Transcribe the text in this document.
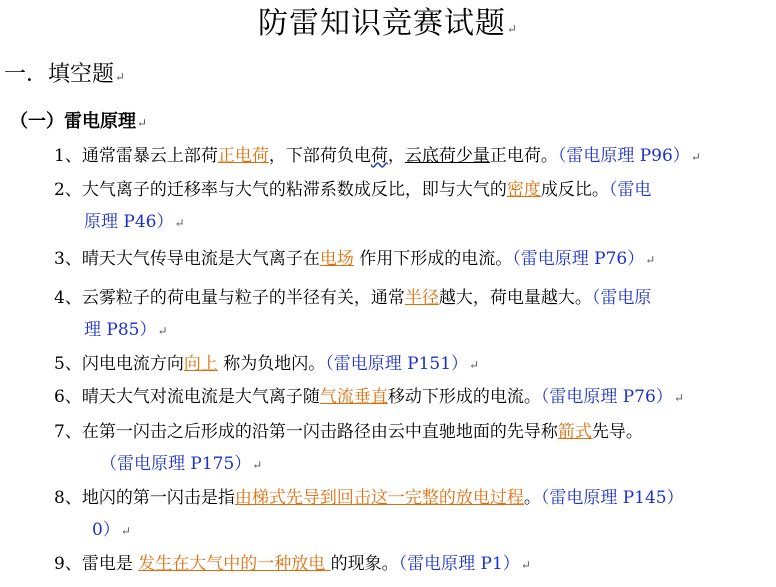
防雷知识竞赛试题↵
一．填空题↵
（一）雷电原理↵
1、通常雷暴云上部荷正电荷，下部荷负电荷，云底荷少量正电荷。（雷电原理 P96）↵
2、大气离子的迁移率与大气的粘滞系数成反比，即与大气的密度成反比。（雷电
原理 P46）↵
3、晴天大气传导电流是大气离子在电场 作用下形成的电流。（雷电原理 P76）↵
4、云雾粒子的荷电量与粒子的半径有关，通常半径越大，荷电量越大。（雷电原
理 P85）↵
5、闪电电流方向向上 称为负地闪。（雷电原理 P151）↵
6、晴天大气对流电流是大气离子随气流垂直移动下形成的电流。（雷电原理 P76）↵
7、在第一闪击之后形成的沿第一闪击路径由云中直驰地面的先导称箭式先导。
（雷电原理 P175）↵
8、地闪的第一闪击是指由梯式先导到回击这一完整的放电过程。（雷电原理 P145）
0）↵
9、雷电是 发生在大气中的一种放电 的现象。（雷电原理 P1）↵
